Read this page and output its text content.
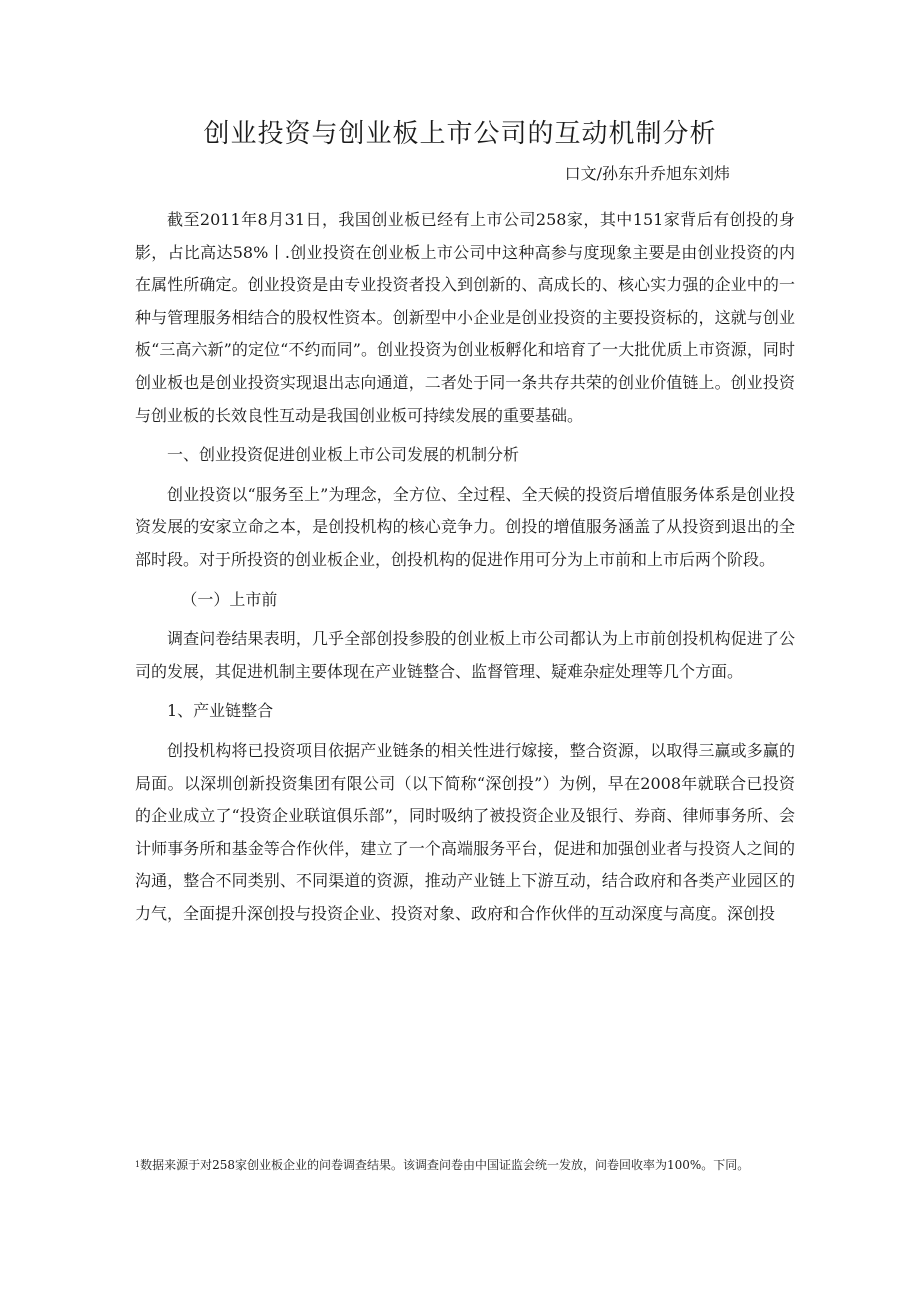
创业投资与创业板上市公司的互动机制分析
口文/孙东升乔旭东刘炜

截至2011年8月31日，我国创业板已经有上市公司258家，其中151家背后有创投的身影，占比高达58%丨.创业投资在创业板上市公司中这种高参与度现象主要是由创业投资的内在属性所确定。创业投资是由专业投资者投入到创新的、高成长的、核心实力强的企业中的一种与管理服务相结合的股权性资本。创新型中小企业是创业投资的主要投资标的，这就与创业板“三高六新”的定位“不约而同”。创业投资为创业板孵化和培育了一大批优质上市资源，同时创业板也是创业投资实现退出志向通道，二者处于同一条共存共荣的创业价值链上。创业投资与创业板的长效良性互动是我国创业板可持续发展的重要基础。

一、创业投资促进创业板上市公司发展的机制分析

创业投资以“服务至上”为理念，全方位、全过程、全天候的投资后增值服务体系是创业投资发展的安家立命之本，是创投机构的核心竞争力。创投的增值服务涵盖了从投资到退出的全部时段。对于所投资的创业板企业，创投机构的促进作用可分为上市前和上市后两个阶段。

（一）上市前

调查问卷结果表明，几乎全部创投参股的创业板上市公司都认为上市前创投机构促进了公司的发展，其促进机制主要体现在产业链整合、监督管理、疑难杂症处理等几个方面。

1、产业链整合

创投机构将已投资项目依据产业链条的相关性进行嫁接，整合资源，以取得三赢或多赢的局面。以深圳创新投资集团有限公司（以下简称“深创投”）为例，早在2008年就联合已投资的企业成立了“投资企业联谊俱乐部”，同时吸纳了被投资企业及银行、券商、律师事务所、会计师事务所和基金等合作伙伴，建立了一个高端服务平台，促进和加强创业者与投资人之间的沟通，整合不同类别、不同渠道的资源，推动产业链上下游互动，结合政府和各类产业园区的力气，全面提升深创投与投资企业、投资对象、政府和合作伙伴的互动深度与高度。深创投

$^1$数据来源于对258家创业板企业的问卷调查结果。该调查问卷由中国证监会统一发放，问卷回收率为100%。下同。
